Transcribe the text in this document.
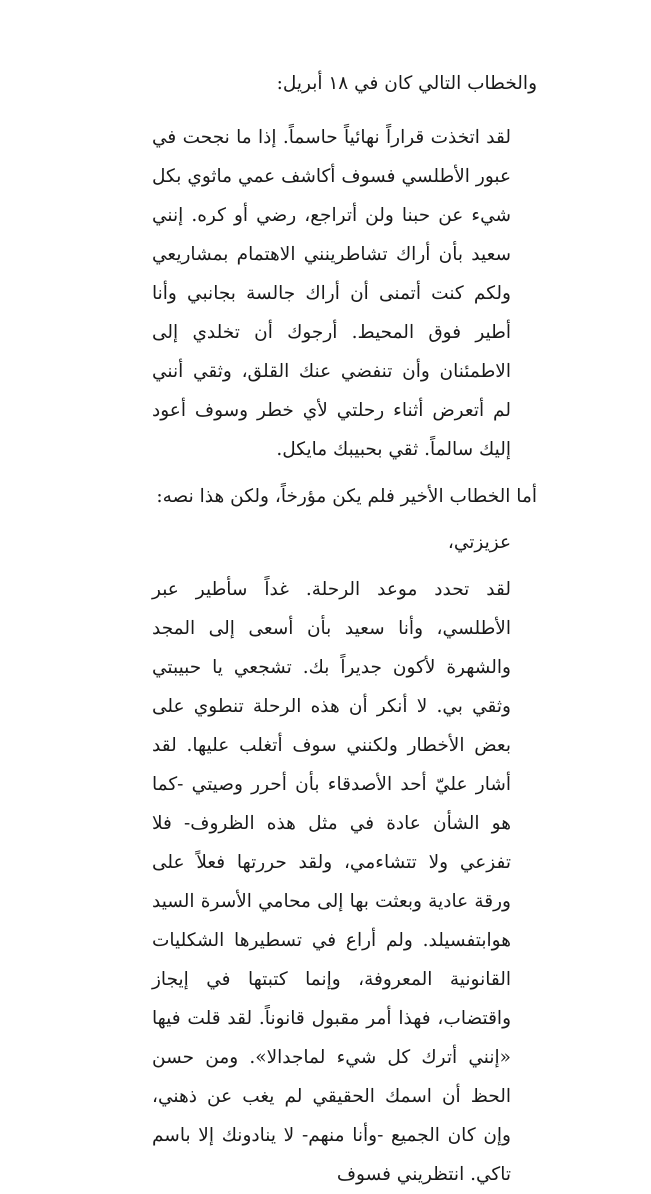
والخطاب التالي كان في ١٨ أبريل:

لقد اتخذت قراراً نهائياً حاسماً. إذا ما نجحت في عبور الأطلسي فسوف أكاشف عمي ماثوي بكل شيء عن حبنا ولن أتراجع، رضي أو كره. إنني سعيد بأن أراك تشاطرينني الاهتمام بمشاريعي ولكم كنت أتمنى أن أراك جالسة بجانبي وأنا أطير فوق المحيط. أرجوك أن تخلدي إلى الاطمئنان وأن تنفضي عنك القلق، وثقي أنني لم أتعرض أثناء رحلتي لأي خطر وسوف أعود إليك سالماً. ثقي بحبيبك مايكل.

أما الخطاب الأخير فلم يكن مؤرخاً، ولكن هذا نصه:

عزيزتي،

لقد تحدد موعد الرحلة. غداً سأطير عبر الأطلسي، وأنا سعيد بأن أسعى إلى المجد والشهرة لأكون جديراً بك. تشجعي يا حبيبتي وثقي بي. لا أنكر أن هذه الرحلة تنطوي على بعض الأخطار ولكنني سوف أتغلب عليها. لقد أشار عليّ أحد الأصدقاء بأن أحرر وصيتي -كما هو الشأن عادة في مثل هذه الظروف- فلا تفزعي ولا تتشاءمي، ولقد حررتها فعلاً على ورقة عادية وبعثت بها إلى محامي الأسرة السيد هوابتفسيلد. ولم أراع في تسطيرها الشكليات القانونية المعروفة، وإنما كتبتها في إيجاز واقتضاب، فهذا أمر مقبول قانوناً. لقد قلت فيها «إنني أترك كل شيء لماجدالا». ومن حسن الحظ أن اسمك الحقيقي لم يغب عن ذهني، وإن كان الجميع -وأنا منهم- لا ينادونك إلا باسم تاكي. انتظريني فسوف
